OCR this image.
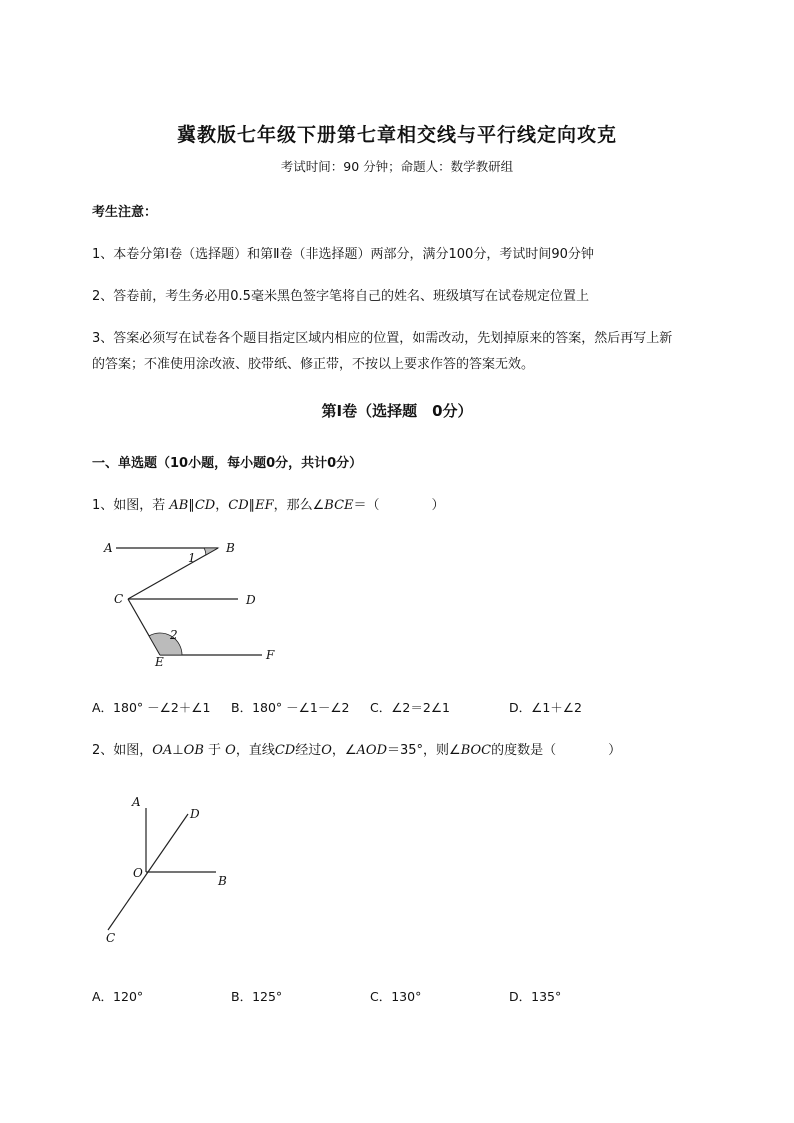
冀教版七年级下册第七章相交线与平行线定向攻克
考试时间：90 分钟；命题人：数学教研组
考生注意：
1、本卷分第Ⅰ卷（选择题）和第Ⅱ卷（非选择题）两部分，满分100分，考试时间90分钟
2、答卷前，考生务必用0.5毫米黑色签字笔将自己的姓名、班级填写在试卷规定位置上
3、答案必须写在试卷各个题目指定区域内相应的位置，如需改动，先划掉原来的答案，然后再写上新
的答案；不准使用涂改液、胶带纸、修正带，不按以上要求作答的答案无效。
第Ⅰ卷（选择题　0分）
一、单选题（10小题，每小题0分，共计0分）
1、如图，若 AB∥CD，CD∥EF，那么∠BCE＝（　　　　）
A	B
C	D
E	F
1
2
A．180° －∠2＋∠1 B．180° －∠1－∠2 C．∠2＝2∠1	D．∠1＋∠2
2、如图，OA⊥OB 于 O，直线CD经过O，∠AOD＝35°，则∠BOC的度数是（　　　　）
A
D
O
B
C
A．120°	B．125°	C．130°	D．135°
